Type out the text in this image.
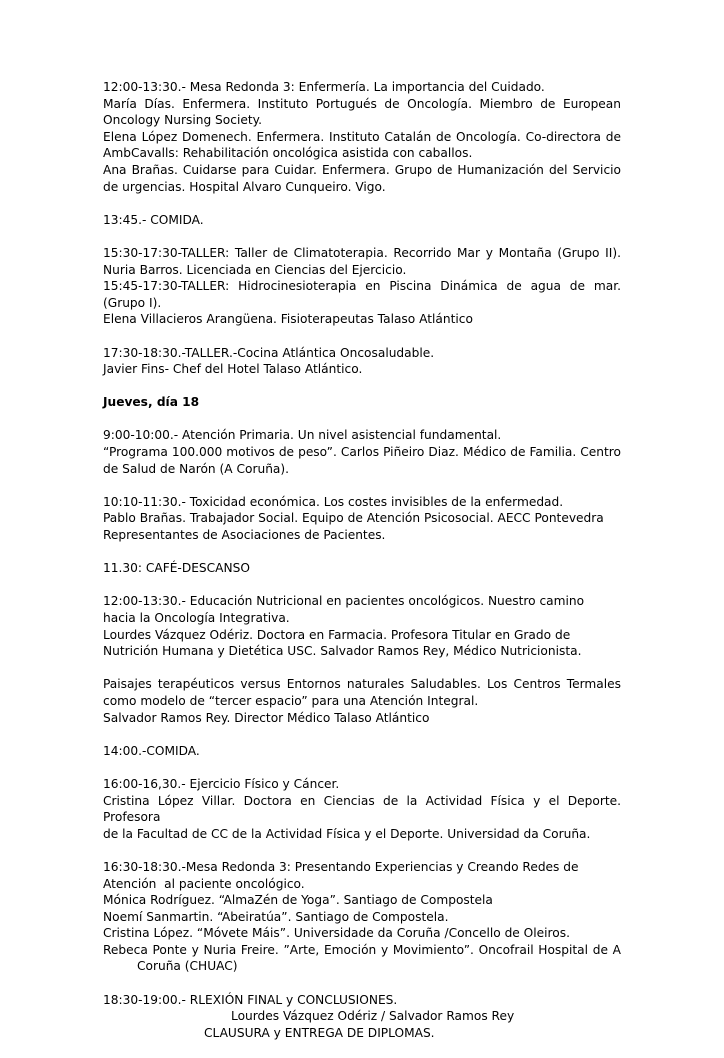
12:00-13:30.- Mesa Redonda 3: Enfermería. La importancia del Cuidado.
María Días. Enfermera. Instituto Portugués de Oncología. Miembro de European
Oncology Nursing Society.
Elena López Domenech. Enfermera. Instituto Catalán de Oncología. Co-directora de
AmbCavalls: Rehabilitación oncológica asistida con caballos.
Ana Brañas. Cuidarse para Cuidar. Enfermera. Grupo de Humanización del Servicio
de urgencias. Hospital Alvaro Cunqueiro. Vigo.
13:45.- COMIDA.
15:30-17:30-TALLER: Taller de Climatoterapia. Recorrido Mar y Montaña (Grupo II).
Nuria Barros. Licenciada en Ciencias del Ejercicio.
15:45-17:30-TALLER: Hidrocinesioterapia en Piscina Dinámica de agua de mar.
(Grupo I).
Elena Villacieros Arangüena. Fisioterapeutas Talaso Atlántico
17:30-18:30.-TALLER.-Cocina Atlántica Oncosaludable.
Javier Fins- Chef del Hotel Talaso Atlántico.
Jueves, día 18
9:00-10:00.- Atención Primaria. Un nivel asistencial fundamental.
“Programa 100.000 motivos de peso”. Carlos Piñeiro Diaz. Médico de Familia. Centro
de Salud de Narón (A Coruña).
10:10-11:30.- Toxicidad económica. Los costes invisibles de la enfermedad.
Pablo Brañas. Trabajador Social. Equipo de Atención Psicosocial. AECC Pontevedra
Representantes de Asociaciones de Pacientes.
11.30: CAFÉ-DESCANSO
12:00-13:30.- Educación Nutricional en pacientes oncológicos. Nuestro camino
hacia la Oncología Integrativa.
Lourdes Vázquez Odériz. Doctora en Farmacia. Profesora Titular en Grado de
Nutrición Humana y Dietética USC. Salvador Ramos Rey, Médico Nutricionista.
Paisajes terapéuticos versus Entornos naturales Saludables. Los Centros Termales
como modelo de “tercer espacio” para una Atención Integral.
Salvador Ramos Rey. Director Médico Talaso Atlántico
14:00.-COMIDA.
16:00-16,30.- Ejercicio Físico y Cáncer.
Cristina López Villar. Doctora en Ciencias de la Actividad Física y el Deporte. Profesora
de la Facultad de CC de la Actividad Física y el Deporte. Universidad da Coruña.
16:30-18:30.-Mesa Redonda 3: Presentando Experiencias y Creando Redes de
Atención  al paciente oncológico.
Mónica Rodríguez. “AlmaZén de Yoga”. Santiago de Compostela
Noemí Sanmartin. “Abeiratúa”. Santiago de Compostela.
Cristina López. “Móvete Máis”. Universidade da Coruña /Concello de Oleiros.
Rebeca Ponte y Nuria Freire. ”Arte, Emoción y Movimiento”. Oncofrail Hospital de A
Coruña (CHUAC)
18:30-19:00.- RLEXIÓN FINAL y CONCLUSIONES.
Lourdes Vázquez Odériz / Salvador Ramos Rey
CLAUSURA y ENTREGA DE DIPLOMAS.
